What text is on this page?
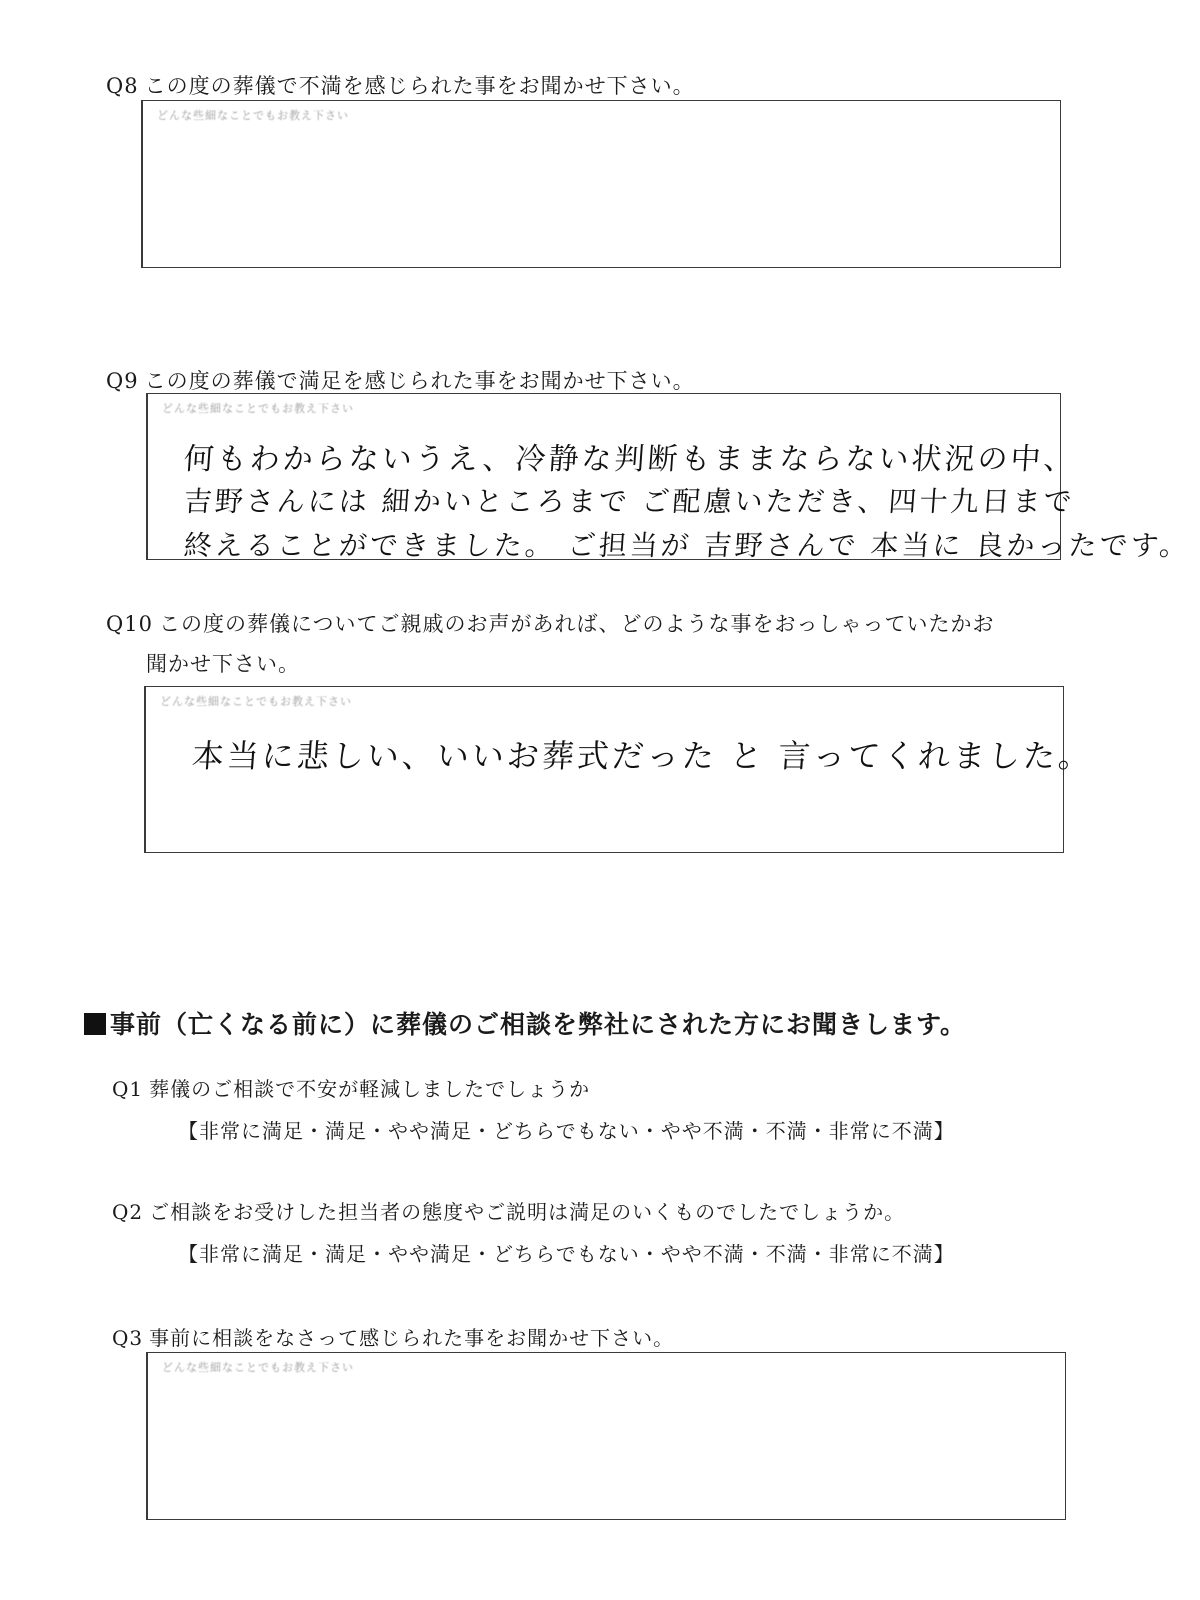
Q8 この度の葬儀で不満を感じられた事をお聞かせ下さい。
どんな些細なことでもお教え下さい
Q9 この度の葬儀で満足を感じられた事をお聞かせ下さい。
どんな些細なことでもお教え下さい
何もわからないうえ、冷静な判断もままならない状況の中、
吉野さんには 細かいところまで ご配慮いただき、四十九日まで
終えることができました。 ご担当が 吉野さんで 本当に 良かったです。
Q10 この度の葬儀についてご親戚のお声があれば、どのような事をおっしゃっていたかお
聞かせ下さい。
どんな些細なことでもお教え下さい
本当に悲しい、いいお葬式だった と 言ってくれました。
事前（亡くなる前に）に葬儀のご相談を弊社にされた方にお聞きします。
Q1 葬儀のご相談で不安が軽減しましたでしょうか
【非常に満足・満足・やや満足・どちらでもない・やや不満・不満・非常に不満】
Q2 ご相談をお受けした担当者の態度やご説明は満足のいくものでしたでしょうか。
【非常に満足・満足・やや満足・どちらでもない・やや不満・不満・非常に不満】
Q3 事前に相談をなさって感じられた事をお聞かせ下さい。
どんな些細なことでもお教え下さい
